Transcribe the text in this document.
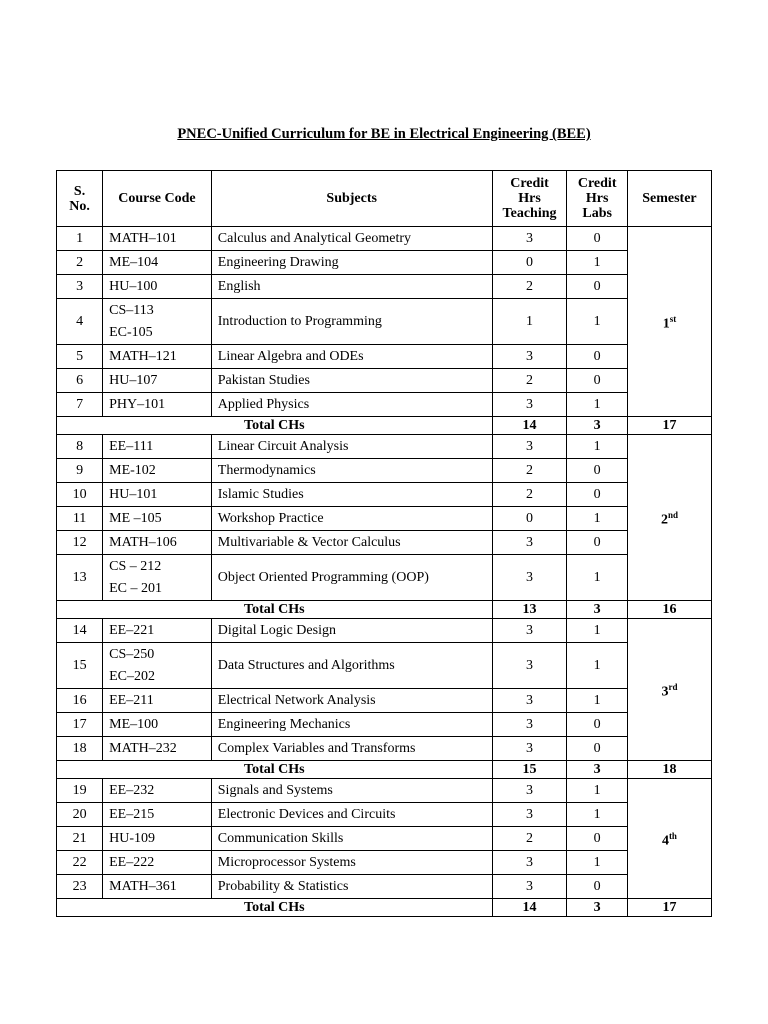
PNEC-Unified Curriculum for BE in Electrical Engineering (BEE)
S.
No.	Course Code	Subjects	Credit
Hrs
Teaching	Credit
Hrs
Labs	Semester
1	MATH–101	Calculus and Analytical Geometry	3	0	1st
2	ME–104	Engineering Drawing	0	1	
3	HU–100	English	2	0	
4	CS–113
EC-105	Introduction to Programming	1	1	
5	MATH–121	Linear Algebra and ODEs	3	0	
6	HU–107	Pakistan Studies	2	0	
7	PHY–101	Applied Physics	3	1	
Total CHs			14	3	17
8	EE–111	Linear Circuit Analysis	3	1	2nd
9	ME-102	Thermodynamics	2	0	
10	HU–101	Islamic Studies	2	0	
11	ME –105	Workshop Practice	0	1	
12	MATH–106	Multivariable & Vector Calculus	3	0	
13	CS – 212
EC – 201	Object Oriented Programming (OOP)	3	1	
Total CHs			13	3	16
14	EE–221	Digital Logic Design	3	1	3rd
15	CS–250
EC–202	Data Structures and Algorithms	3	1	
16	EE–211	Electrical Network Analysis	3	1	
17	ME–100	Engineering Mechanics	3	0	
18	MATH–232	Complex Variables and Transforms	3	0	
Total CHs			15	3	18
19	EE–232	Signals and Systems	3	1	4th
20	EE–215	Electronic Devices and Circuits	3	1	
21	HU-109	Communication Skills	2	0	
22	EE–222	Microprocessor Systems	3	1	
23	MATH–361	Probability & Statistics	3	0	
Total CHs			14	3	17
